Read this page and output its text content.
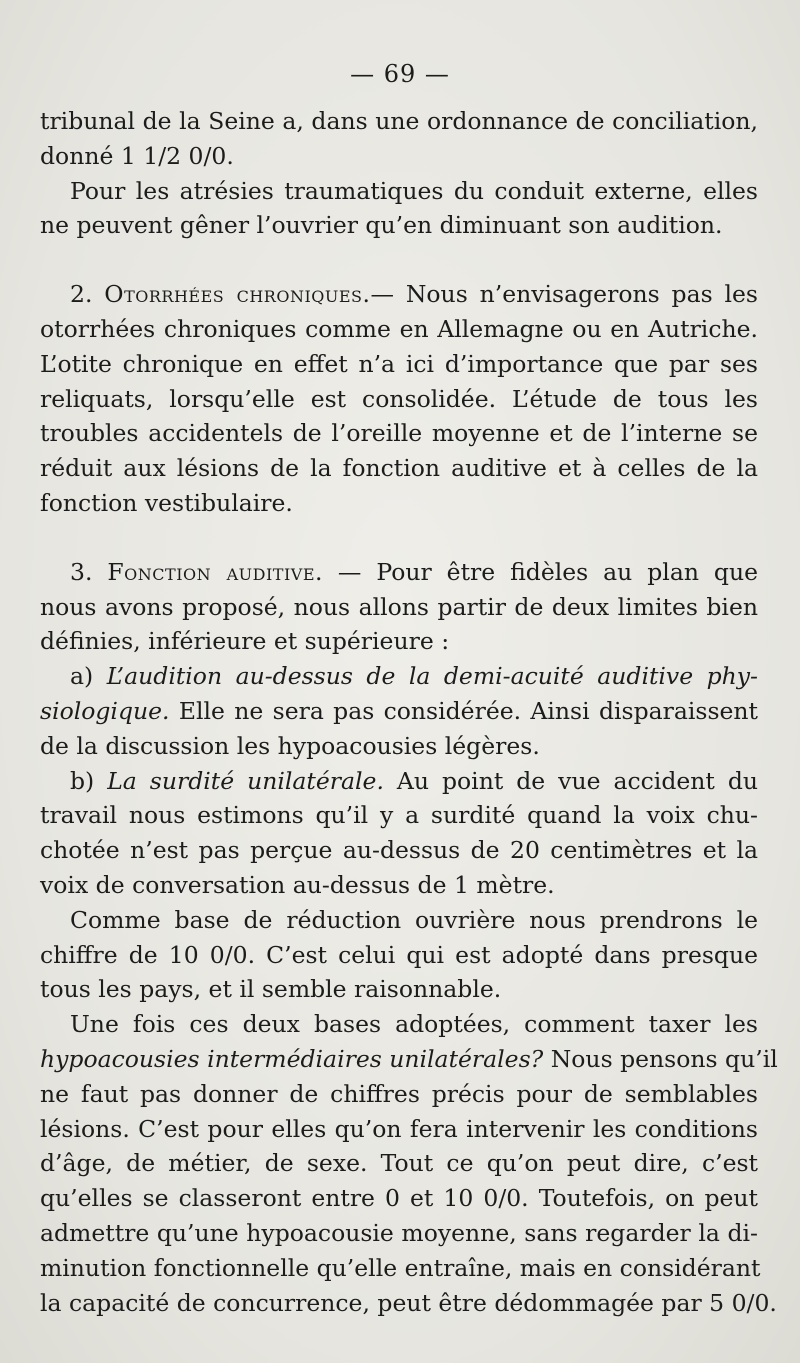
— 69 —
tribunal de la Seine a, dans une ordonnance de conciliation,
donné 1 1/2 0/0.
Pour les atrésies traumatiques du conduit externe, elles
ne peuvent gêner l’ouvrier qu’en diminuant son audition.
2. Otorrhées chroniques.— Nous n’envisagerons pas les
otorrhées chroniques comme en Allemagne ou en Autriche.
L’otite chronique en effet n’a ici d’importance que par ses
reliquats, lorsqu’elle est consolidée. L’étude de tous les
troubles accidentels de l’oreille moyenne et de l’interne se
réduit aux lésions de la fonction auditive et à celles de la
fonction vestibulaire.
3. Fonction auditive. — Pour être fidèles au plan que
nous avons proposé, nous allons partir de deux limites bien
définies, inférieure et supérieure :
a) L’audition au-dessus de la demi-acuité auditive phy-
siologique. Elle ne sera pas considérée. Ainsi disparaissent
de la discussion les hypoacousies légères.
b) La surdité unilatérale. Au point de vue accident du
travail nous estimons qu’il y a surdité quand la voix chu-
chotée n’est pas perçue au-dessus de 20 centimètres et la
voix de conversation au-dessus de 1 mètre.
Comme base de réduction ouvrière nous prendrons le
chiffre de 10 0/0. C’est celui qui est adopté dans presque
tous les pays, et il semble raisonnable.
Une fois ces deux bases adoptées, comment taxer les
hypoacousies intermédiaires unilatérales? Nous pensons qu’il
ne faut pas donner de chiffres précis pour de semblables
lésions. C’est pour elles qu’on fera intervenir les conditions
d’âge, de métier, de sexe. Tout ce qu’on peut dire, c’est
qu’elles se classeront entre 0 et 10 0/0. Toutefois, on peut
admettre qu’une hypoacousie moyenne, sans regarder la di-
minution fonctionnelle qu’elle entraîne, mais en considérant
la capacité de concurrence, peut être dédommagée par 5 0/0.
